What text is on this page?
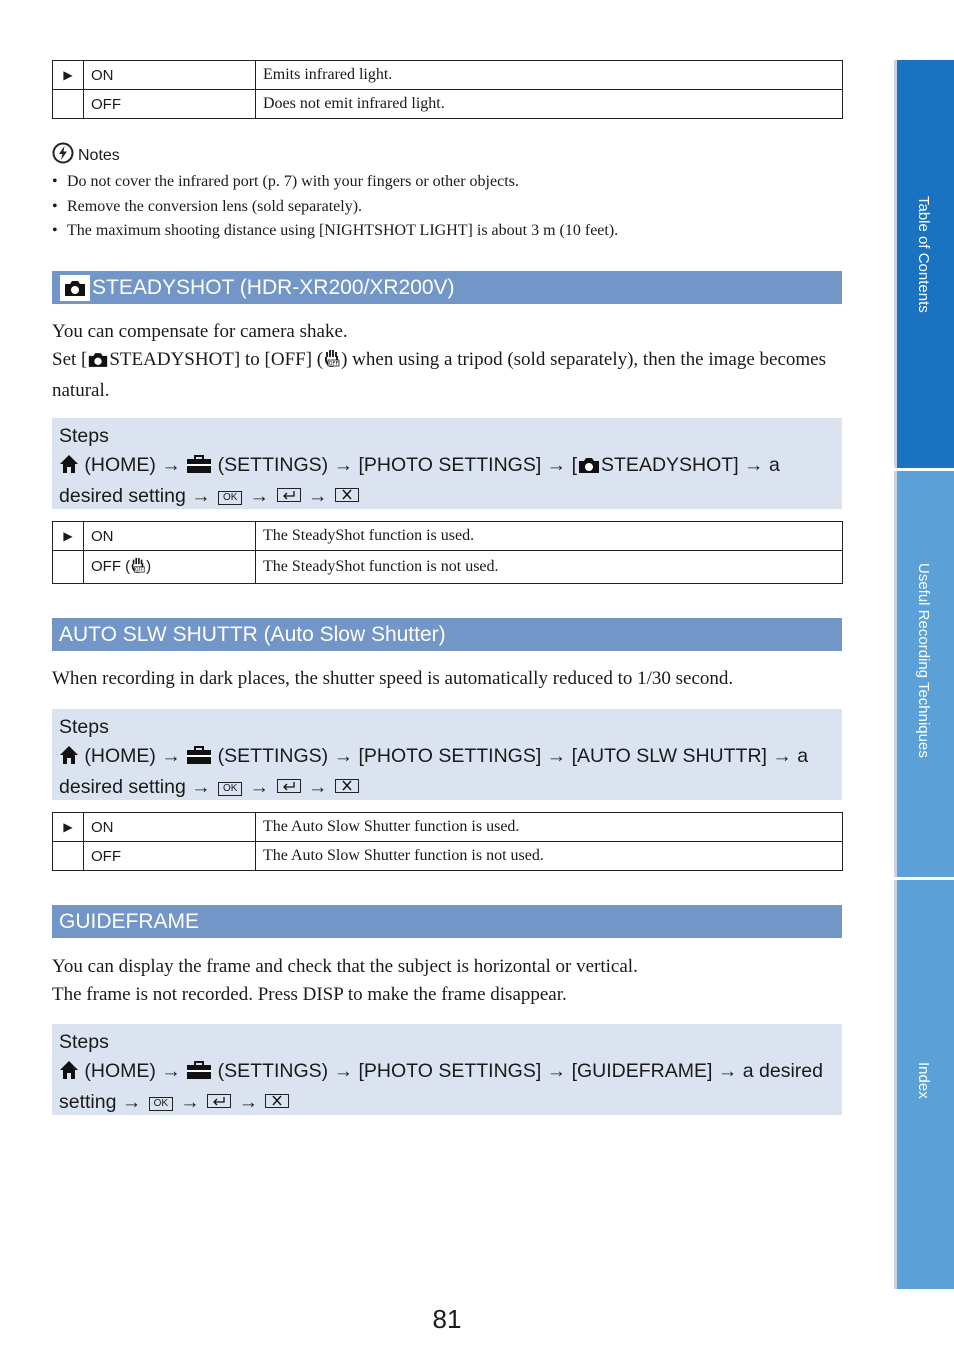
▶	ON	Emits infrared light.
	OFF	Does not emit infrared light.
Notes
• Do not cover the infrared port (p. 7) with your fingers or other objects.
• Remove the conversion lens (sold separately).
• The maximum shooting distance using [NIGHTSHOT LIGHT] is about 3 m (10 feet).
STEADYSHOT (HDR-XR200/XR200V)
You can compensate for camera shake.
Set [ STEADYSHOT] to [OFF] ( OFF ) when using a tripod (sold separately), then the image becomes natural.
Steps
(HOME) → (SETTINGS) → [PHOTO SETTINGS] → [ STEADYSHOT] → a desired setting → OK → →
▶	ON	The SteadyShot function is used.
	OFF ( OFF )	The SteadyShot function is not used.
AUTO SLW SHUTTR (Auto Slow Shutter)
When recording in dark places, the shutter speed is automatically reduced to 1/30 second.
Steps
(HOME) → (SETTINGS) → [PHOTO SETTINGS] → [AUTO SLW SHUTTR] → a desired setting → OK → →
▶	ON	The Auto Slow Shutter function is used.
	OFF	The Auto Slow Shutter function is not used.
GUIDEFRAME
You can display the frame and check that the subject is horizontal or vertical.
The frame is not recorded. Press DISP to make the frame disappear.
Steps
(HOME) → (SETTINGS) → [PHOTO SETTINGS] → [GUIDEFRAME] → a desired setting → OK → →
Table of Contents
Useful Recording Techniques
Index
81
